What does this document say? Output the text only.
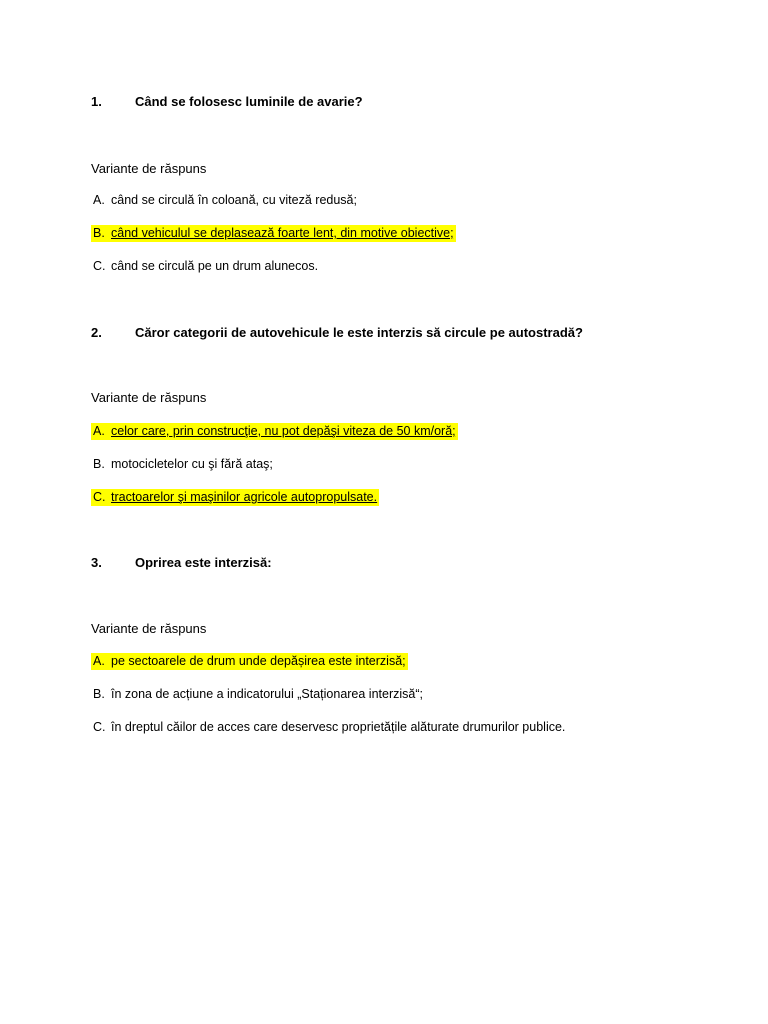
1.	Când se folosesc luminile de avarie?
Variante de răspuns
A. când se circulă în coloană, cu viteză redusă;
B. când vehiculul se deplasează foarte lent, din motive obiective;
C. când se circulă pe un drum alunecos.
2.	Căror categorii de autovehicule le este interzis să circule pe autostradă?
Variante de răspuns
A. celor care, prin construcţie, nu pot depăşi viteza de 50 km/oră;
B. motocicletelor cu şi fără ataş;
C. tractoarelor şi maşinilor agricole autopropulsate.
3.	Oprirea este interzisă:
Variante de răspuns
A. pe sectoarele de drum unde depășirea este interzisă;
B. în zona de acțiune a indicatorului „Staționarea interzisă“;
C. în dreptul căilor de acces care deservesc proprietățile alăturate drumurilor publice.
